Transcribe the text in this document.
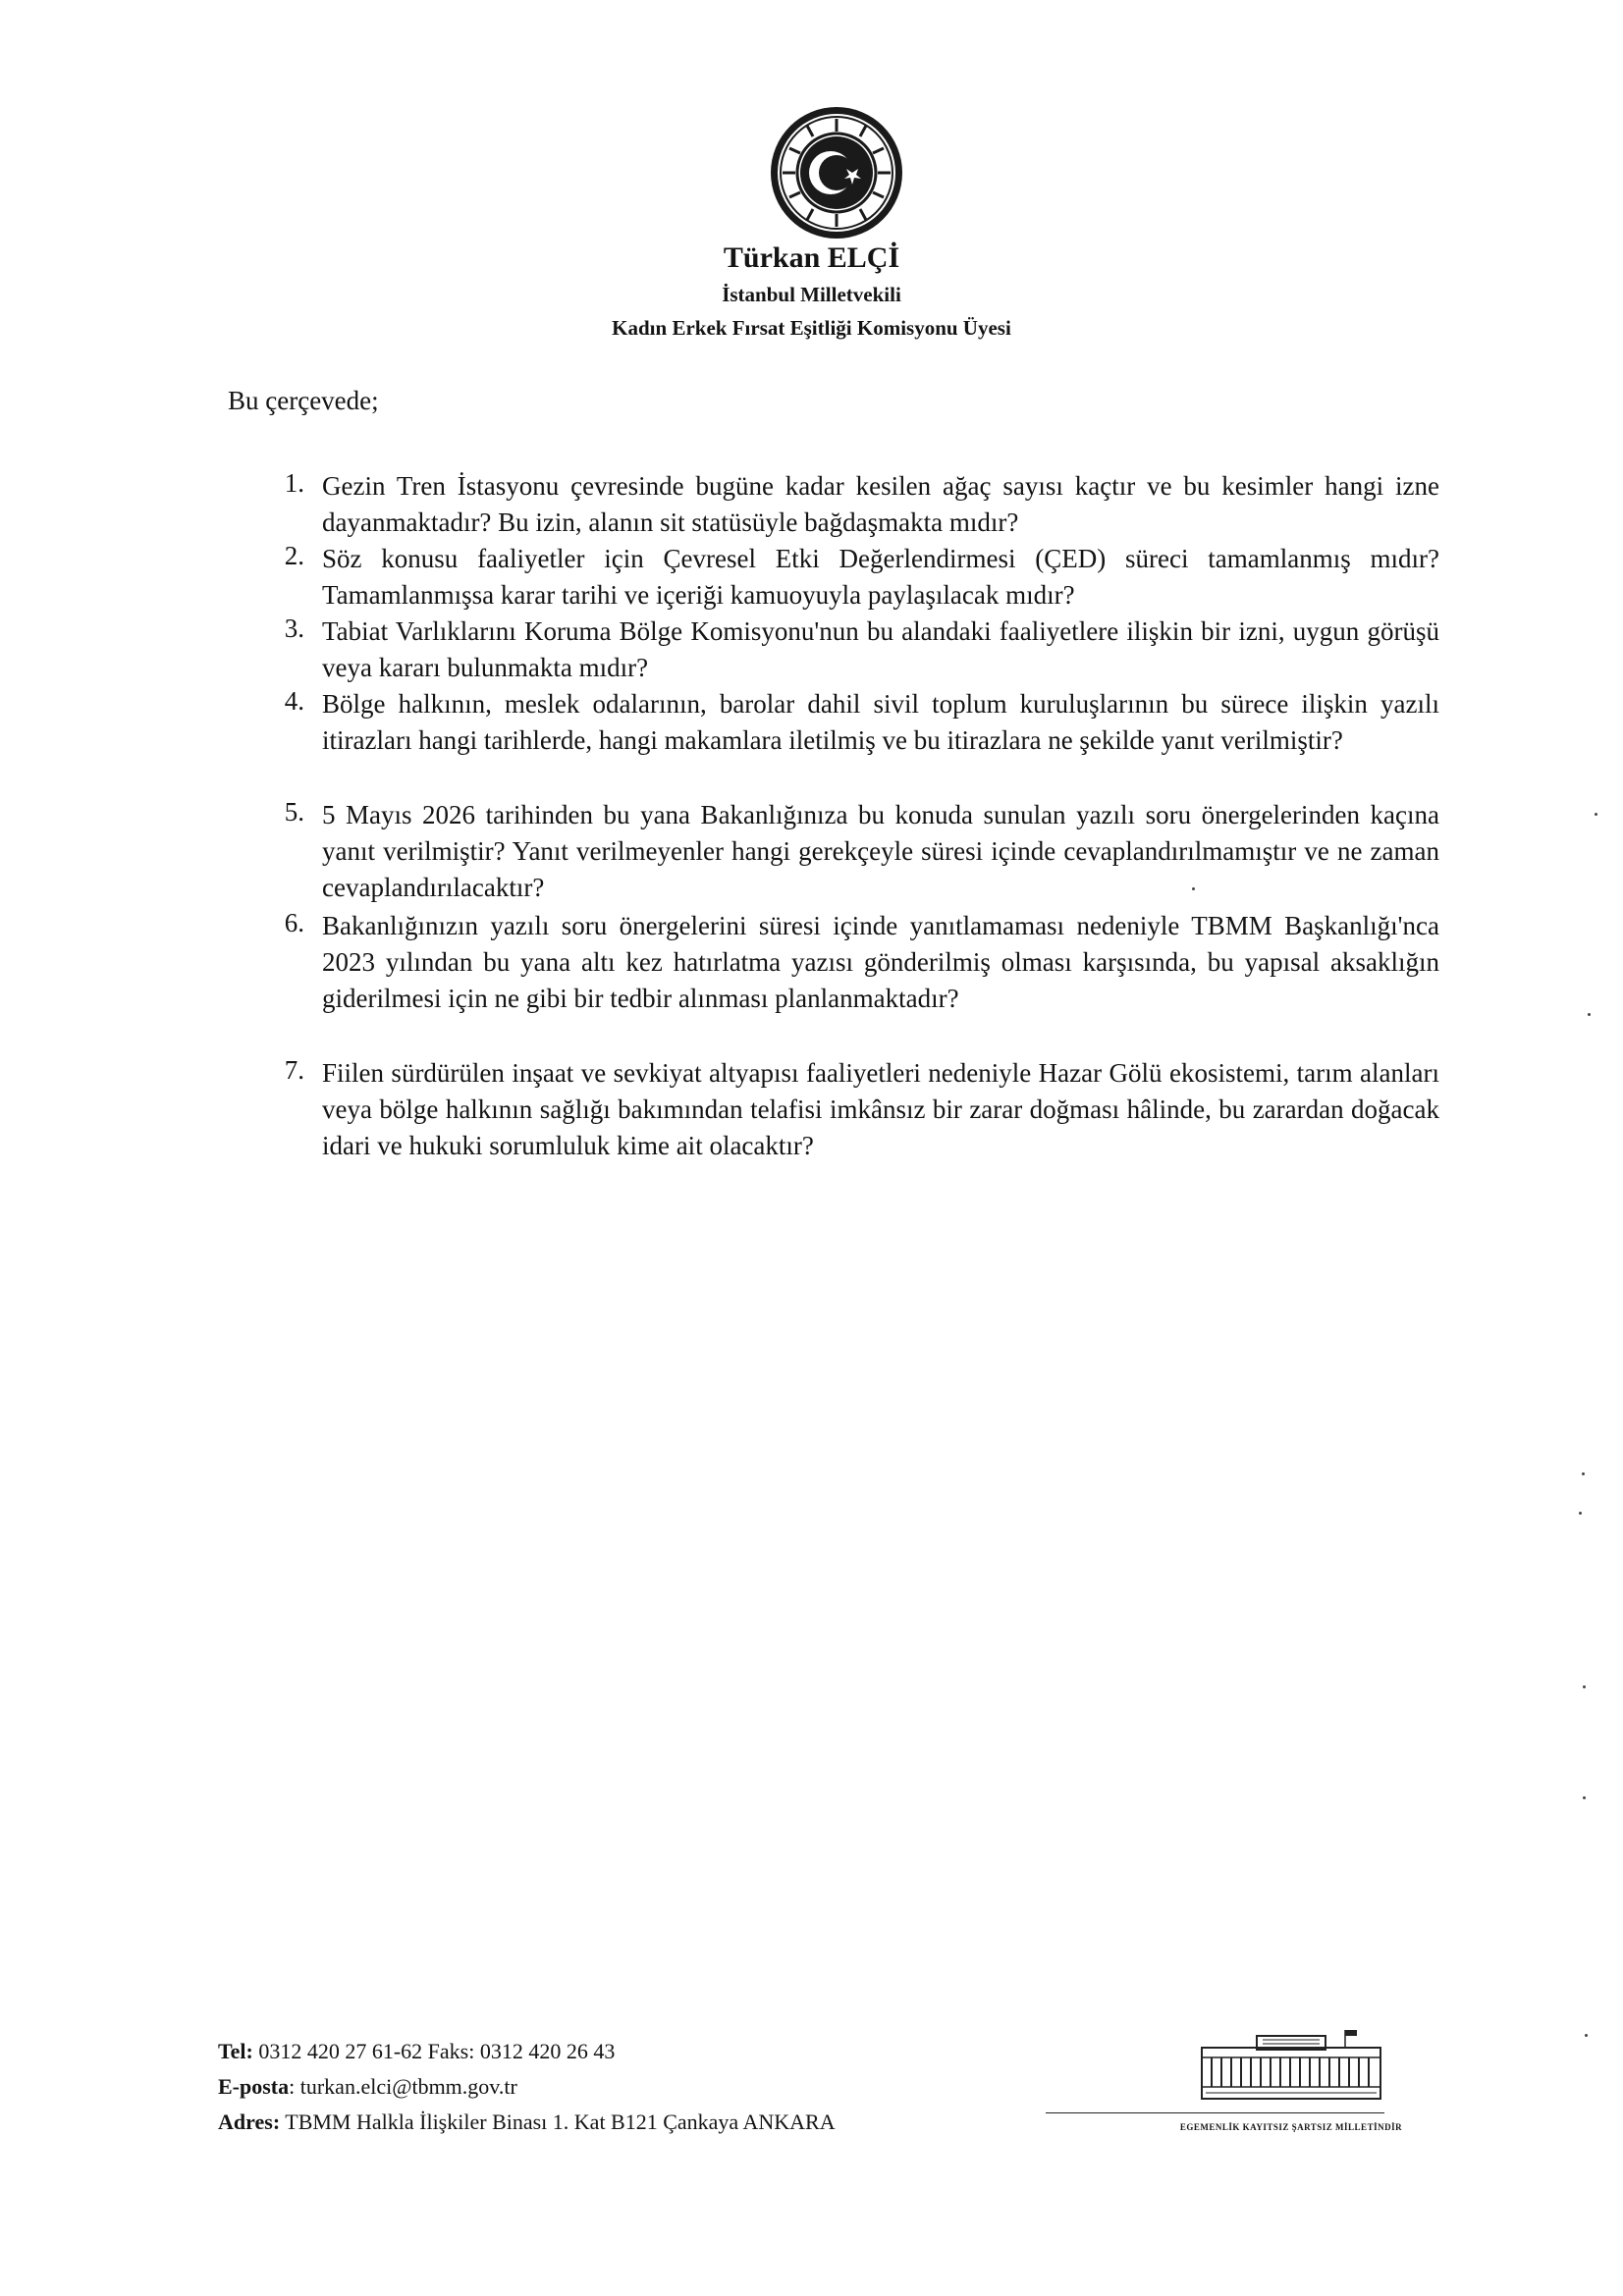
Türkan ELÇİ
İstanbul Milletvekili
Kadın Erkek Fırsat Eşitliği Komisyonu Üyesi
Bu çerçevede;
1. Gezin Tren İstasyonu çevresinde bugüne kadar kesilen ağaç sayısı kaçtır ve bu kesimler hangi izne dayanmaktadır? Bu izin, alanın sit statüsüyle bağdaşmakta mıdır?
2. Söz konusu faaliyetler için Çevresel Etki Değerlendirmesi (ÇED) süreci tamamlanmış mıdır? Tamamlanmışsa karar tarihi ve içeriği kamuoyuyla paylaşılacak mıdır?
3. Tabiat Varlıklarını Koruma Bölge Komisyonu'nun bu alandaki faaliyetlere ilişkin bir izni, uygun görüşü veya kararı bulunmakta mıdır?
4. Bölge halkının, meslek odalarının, barolar dahil sivil toplum kuruluşlarının bu sürece ilişkin yazılı itirazları hangi tarihlerde, hangi makamlara iletilmiş ve bu itirazlara ne şekilde yanıt verilmiştir?
5. 5 Mayıs 2026 tarihinden bu yana Bakanlığınıza bu konuda sunulan yazılı soru önergelerinden kaçına yanıt verilmiştir? Yanıt verilmeyenler hangi gerekçeyle süresi içinde cevaplandırılmamıştır ve ne zaman cevaplandırılacaktır?
6. Bakanlığınızın yazılı soru önergelerini süresi içinde yanıtlamaması nedeniyle TBMM Başkanlığı'nca 2023 yılından bu yana altı kez hatırlatma yazısı gönderilmiş olması karşısında, bu yapısal aksaklığın giderilmesi için ne gibi bir tedbir alınması planlanmaktadır?
7. Fiilen sürdürülen inşaat ve sevkiyat altyapısı faaliyetleri nedeniyle Hazar Gölü ekosistemi, tarım alanları veya bölge halkının sağlığı bakımından telafisi imkânsız bir zarar doğması hâlinde, bu zarardan doğacak idari ve hukuki sorumluluk kime ait olacaktır?
Tel: 0312 420 27 61-62 Faks: 0312 420 26 43
E-posta: turkan.elci@tbmm.gov.tr
Adres: TBMM Halkla İlişkiler Binası 1. Kat B121 Çankaya ANKARA	EGEMENLİK KAYITSIZ ŞARTSIZ MİLLETİNDİR
